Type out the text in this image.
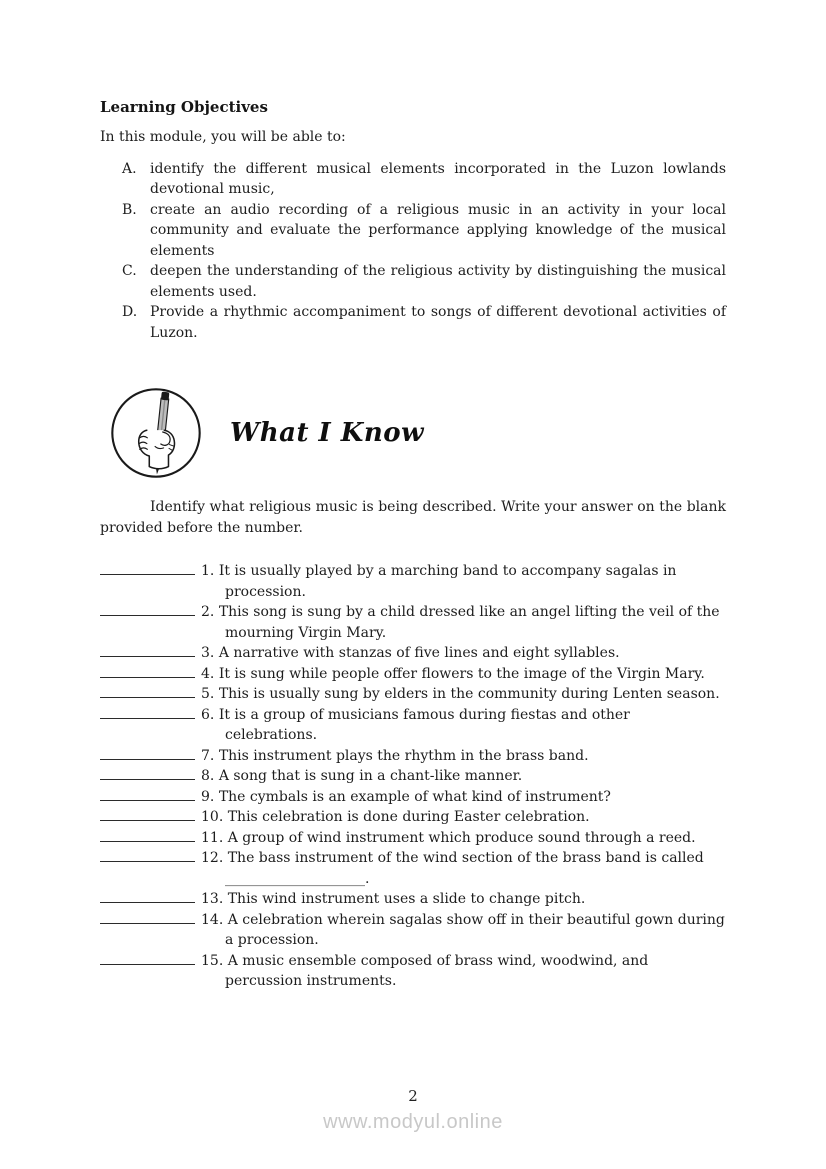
Learning Objectives

In this module, you will be able to:

A. identify the different musical elements incorporated in the Luzon lowlands devotional music,
B. create an audio recording of a religious music in an activity in your local community and evaluate the performance applying knowledge of the musical elements
C. deepen the understanding of the religious activity by distinguishing the musical elements used.
D. Provide a rhythmic accompaniment to songs of different devotional activities of Luzon.
What I Know

Identify what religious music is being described. Write your answer on the blank provided before the number.

1. It is usually played by a marching band to accompany sagalas in procession.
2. This song is sung by a child dressed like an angel lifting the veil of the mourning Virgin Mary.
3. A narrative with stanzas of five lines and eight syllables.
4. It is sung while people offer flowers to the image of the Virgin Mary.
5. This is usually sung by elders in the community during Lenten season.
6. It is a group of musicians famous during fiestas and other celebrations.
7. This instrument plays the rhythm in the brass band.
8. A song that is sung in a chant-like manner.
9. The cymbals is an example of what kind of instrument?
10. This celebration is done during Easter celebration.
11. A group of wind instrument which produce sound through a reed.
12. The bass instrument of the wind section of the brass band is called ____________________.
13. This wind instrument uses a slide to change pitch.
14. A celebration wherein sagalas show off in their beautiful gown during a procession.
15. A music ensemble composed of brass wind, woodwind, and percussion instruments.
2
www.modyul.online
